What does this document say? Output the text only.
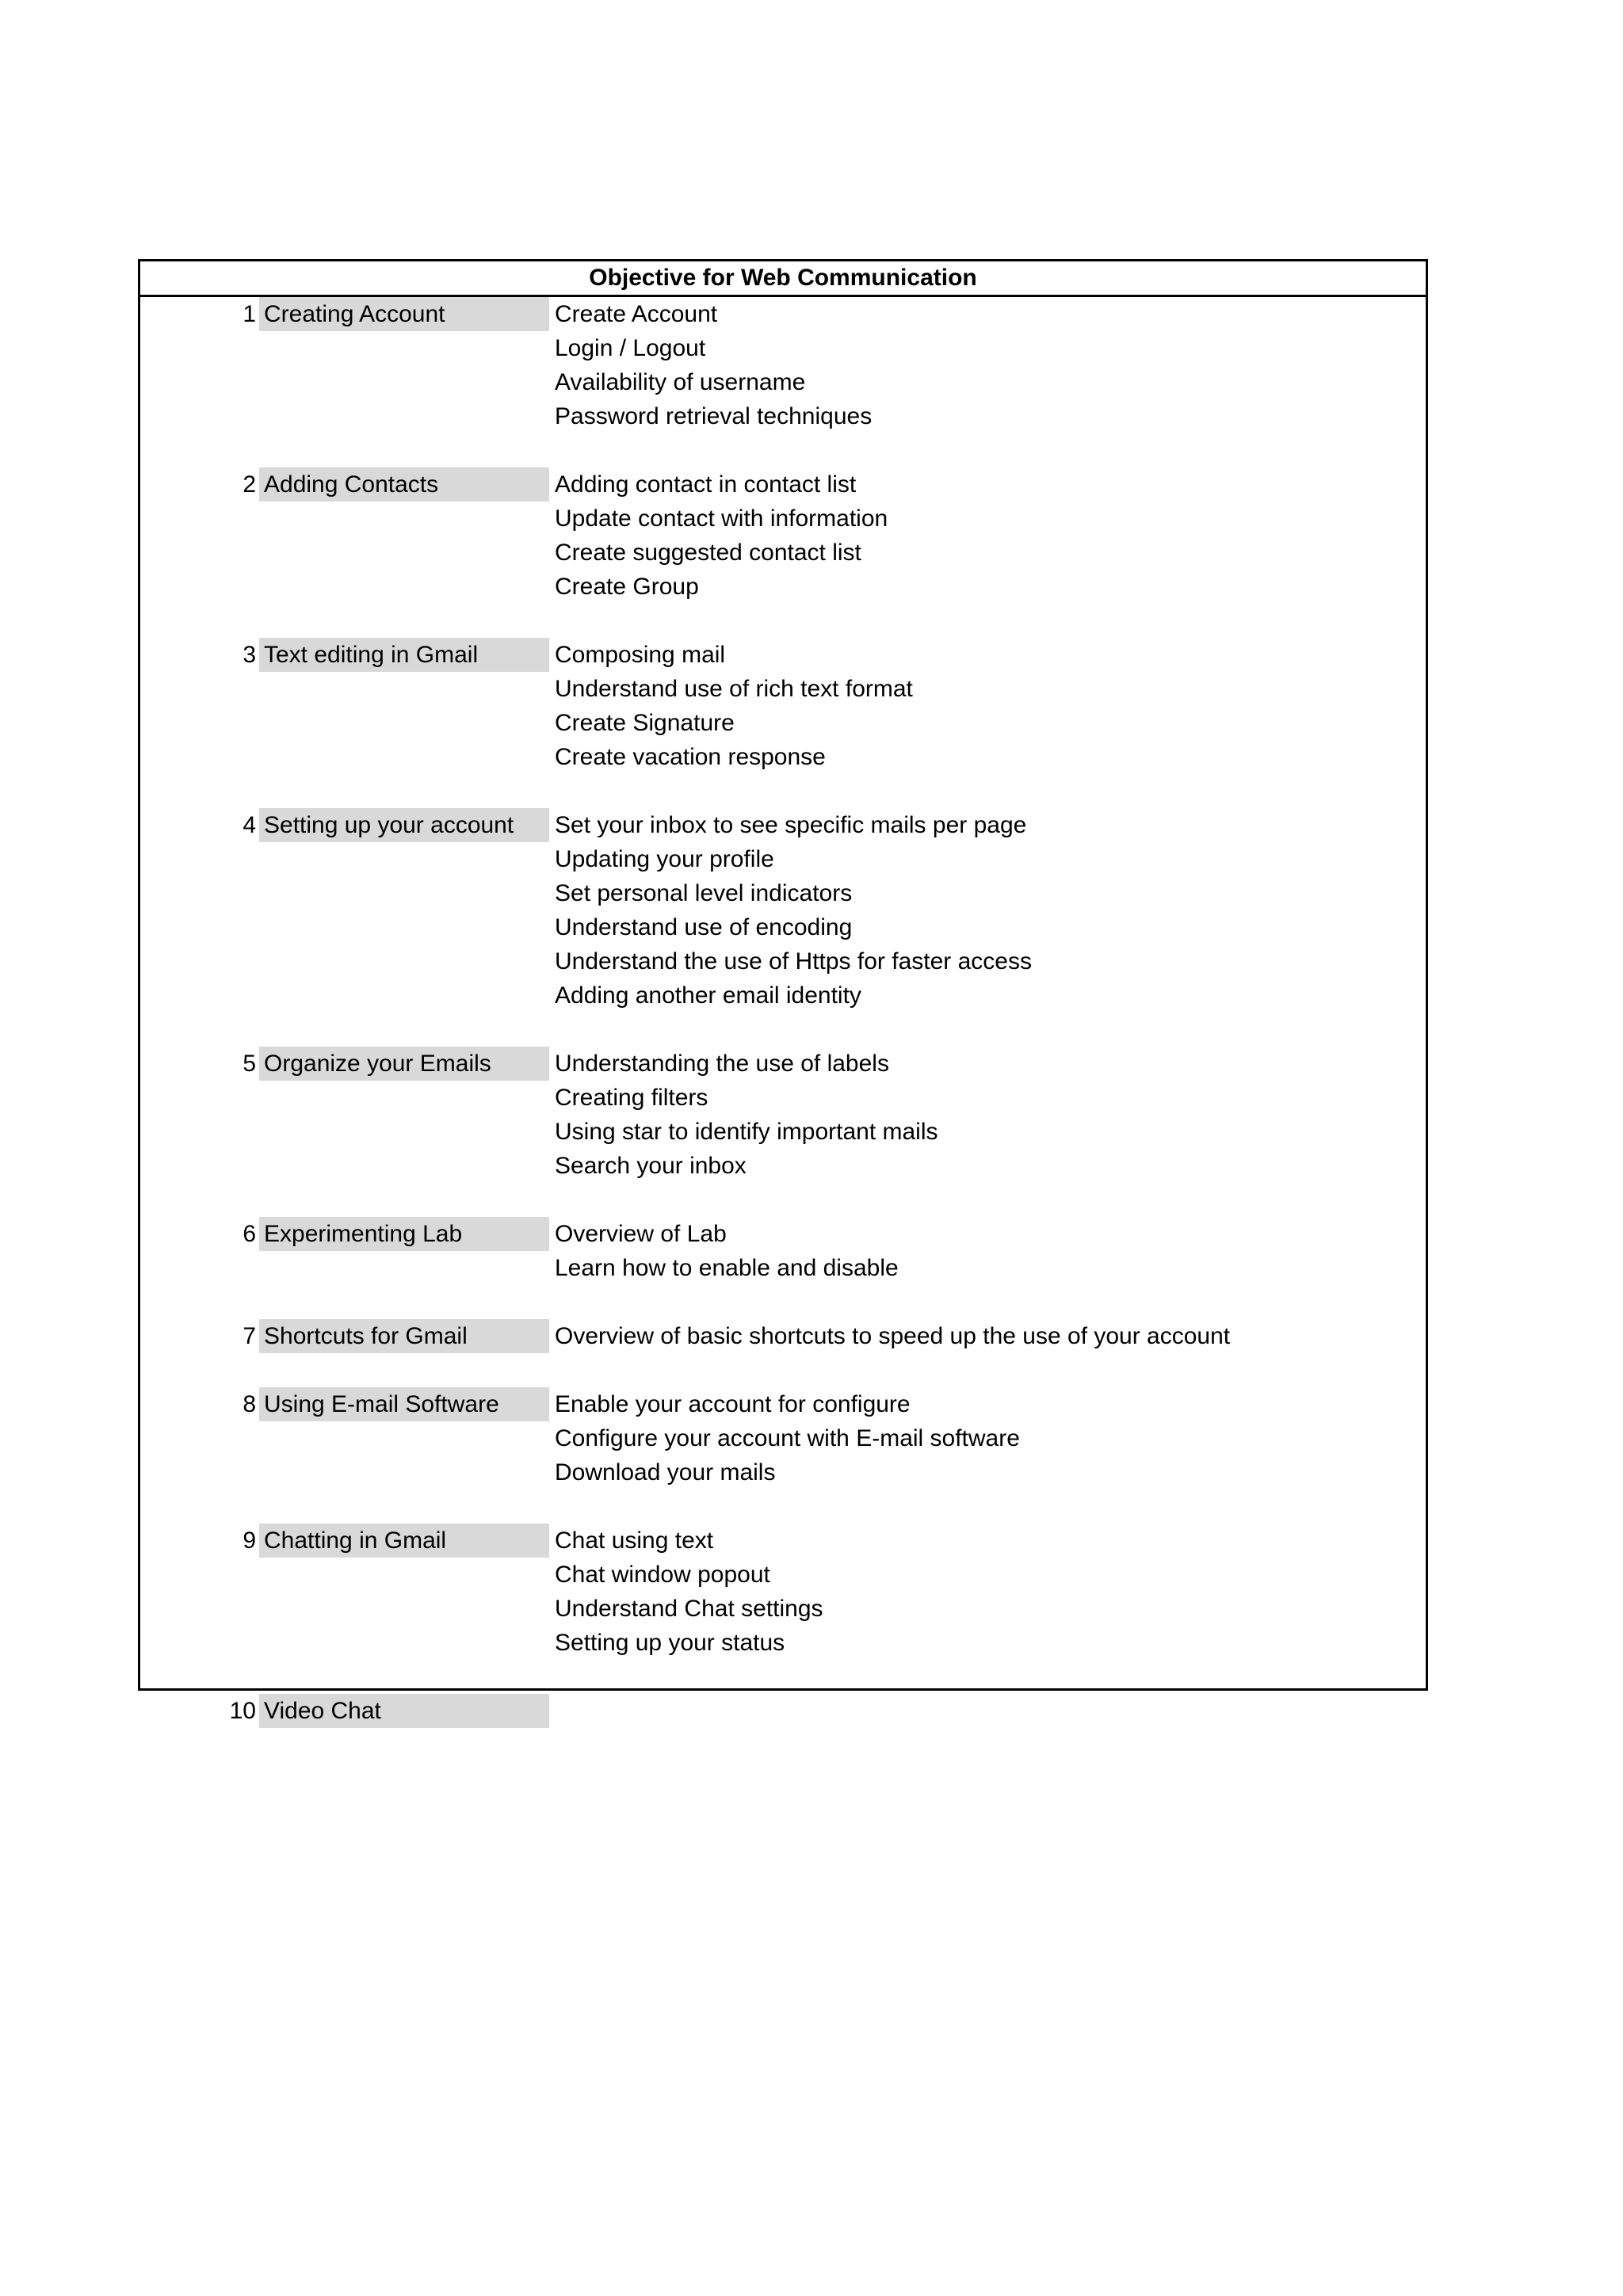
Objective for Web Communication
1 Creating Account	Create Account
Login / Logout
Availability of username
Password retrieval techniques
2 Adding Contacts	Adding contact in contact list
Update contact with information
Create suggested contact list
Create Group
3 Text editing in Gmail	Composing mail
Understand use of rich text format
Create Signature
Create vacation response
4 Setting up your account	Set your inbox to see specific mails per page
Updating your profile
Set personal level indicators
Understand use of encoding
Understand the use of Https for faster access
Adding another email identity
5 Organize your Emails	Understanding the use of labels
Creating filters
Using star to identify important mails
Search your inbox
6 Experimenting Lab	Overview of Lab
Learn how to enable and disable
7 Shortcuts for Gmail	Overview of basic shortcuts to speed up the use of your account
8 Using E-mail Software	Enable your account for configure
Configure your account with E-mail software
Download your mails
9 Chatting in Gmail	Chat using text
Chat window popout
Understand Chat settings
Setting up your status
10 Video Chat
